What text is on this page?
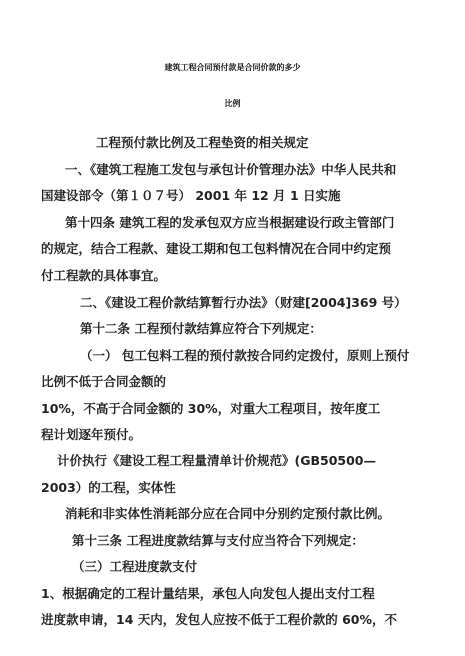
建筑工程合同预付款是合同价款的多少
比例
工程预付款比例及工程垫资的相关规定
一、《建筑工程施工发包与承包计价管理办法》中华人民共和
国建设部令（第１０７号） 2001 年 12 月 1 日实施
第十四条 建筑工程的发承包双方应当根据建设行政主管部门
的规定，结合工程款、建设工期和包工包料情况在合同中约定预
付工程款的具体事宜。
二、《建设工程价款结算暂行办法》（财建[2004]369 号）
第十二条 工程预付款结算应符合下列规定：
（一） 包工包料工程的预付款按合同约定拨付，原则上预付
比例不低于合同金额的
10%，不高于合同金额的 30%，对重大工程项目，按年度工
程计划逐年预付。
计价执行《建设工程工程量清单计价规范》(GB50500—
2003）的工程，实体性
消耗和非实体性消耗部分应在合同中分别约定预付款比例。
第十三条 工程进度款结算与支付应当符合下列规定：
（三）工程进度款支付
1、根据确定的工程计量结果，承包人向发包人提出支付工程
进度款申请，14 天内，发包人应按不低于工程价款的 60%，不
